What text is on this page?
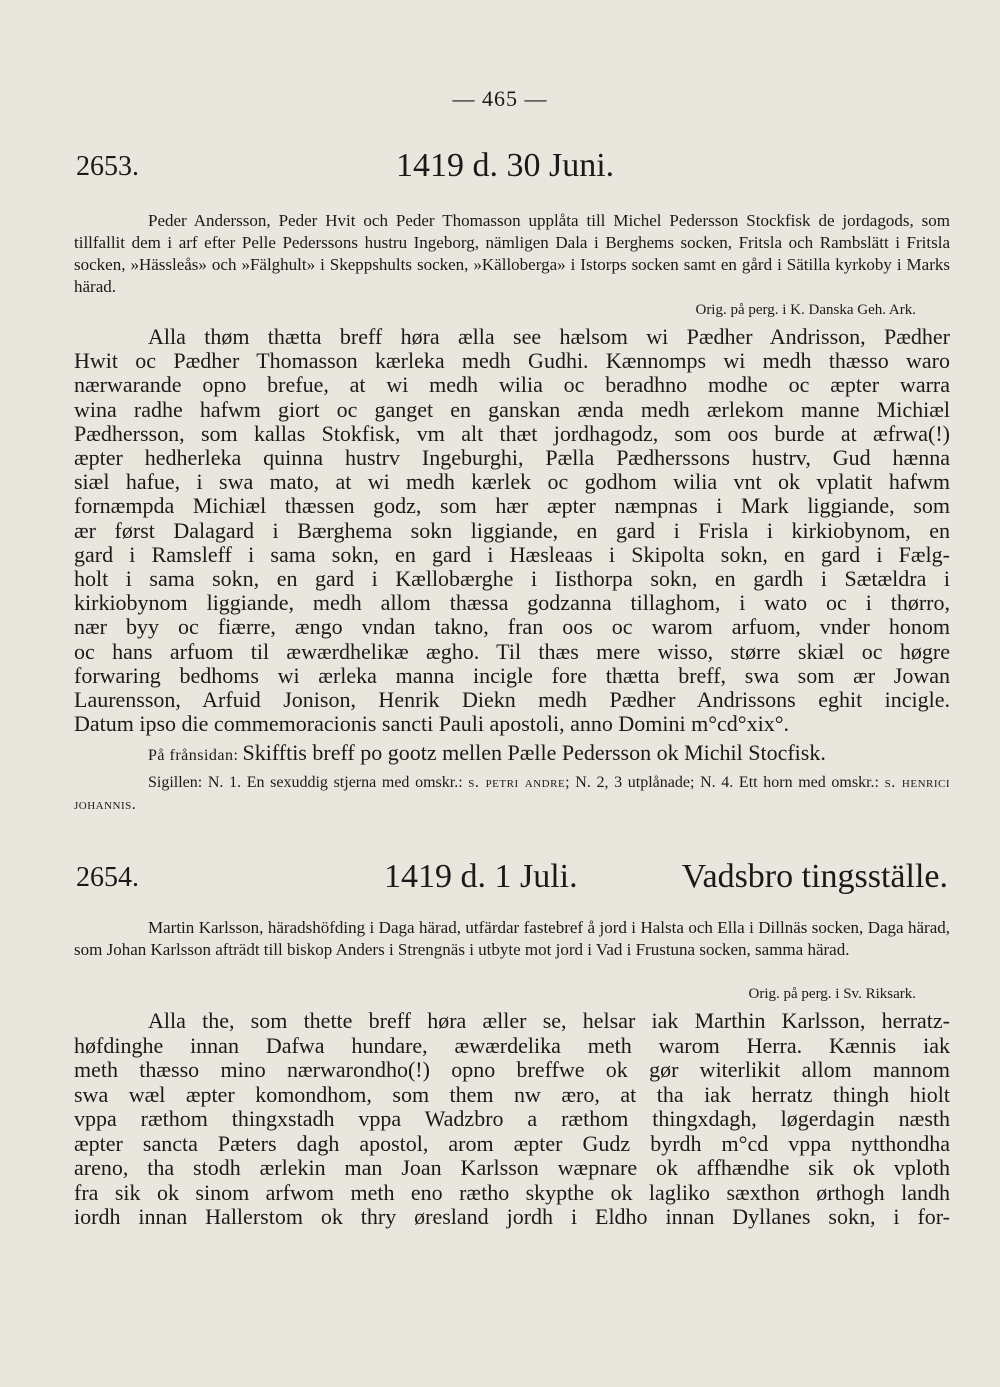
— 465 —
2653.	1419 d. 30 Juni.

Peder Andersson, Peder Hvit och Peder Thomasson upplåta till Michel Pedersson Stockfisk de jordagods, som tillfallit dem i arf efter Pelle Pederssons hustru Ingeborg, nämligen Dala i Berghems socken, Fritsla och Rambslätt i Fritsla socken, »Hässleås» och »Fälghult» i Skeppshults socken, »Källoberga» i Istorps socken samt en gård i Sätilla kyrkoby i Marks härad.

Orig. på perg. i K. Danska Geh. Ark.
Alla thøm thætta breff høra ælla see hælsom wi Pædher Andrisson, Pædher
Hwit oc Pædher Thomasson kærleka medh Gudhi. Kænnomps wi medh thæsso waro
nærwarande opno brefue, at wi medh wilia oc beradhno modhe oc æpter warra
wina radhe hafwm giort oc ganget en ganskan ænda medh ærlekom manne Michiæl
Pædhersson, som kallas Stokfisk, vm alt thæt jordhagodz, som oos burde at æfrwa(!)
æpter hedherleka quinna hustrv Ingeburghi, Pælla Pædherssons hustrv, Gud hænna
siæl hafue, i swa mato, at wi medh kærlek oc godhom wilia vnt ok vplatit hafwm
fornæmpda Michiæl thæssen godz, som hær æpter næmpnas i Mark liggiande, som
ær først Dalagard i Bærghema sokn liggiande, en gard i Frisla i kirkiobynom, en
gard i Ramsleff i sama sokn, en gard i Hæsleaas i Skipolta sokn, en gard i Fælg-
holt i sama sokn, en gard i Kællobærghe i Iisthorpa sokn, en gardh i Sætældra i
kirkiobynom liggiande, medh allom thæssa godzanna tillaghom, i wato oc i thørro,
nær byy oc fiærre, ængo vndan takno, fran oos oc warom arfuom, vnder honom
oc hans arfuom til æwærdhelikæ ægho. Til thæs mere wisso, større skiæl oc høgre
forwaring bedhoms wi ærleka manna incigle fore thætta breff, swa som ær Jowan
Laurensson, Arfuid Jonison, Henrik Diekn medh Pædher Andrissons eghit incigle.
Datum ipso die commemoracionis sancti Pauli apostoli, anno Domini m°cd°xix°.
På frånsidan: Skifftis breff po gootz mellen Pælle Pedersson ok Michil Stocfisk.

Sigillen: N. 1. En sexuddig stjerna med omskr.: s. petri andre; N. 2, 3 utplånade; N. 4. Ett horn med omskr.: s. henrici johannis.

2654.	1419 d. 1 Juli.	Vadsbro tingsställe.

Martin Karlsson, häradshöfding i Daga härad, utfärdar fastebref å jord i Halsta och Ella i Dillnäs socken, Daga härad, som Johan Karlsson afträdt till biskop Anders i Strengnäs i utbyte mot jord i Vad i Frustuna socken, samma härad.

Orig. på perg. i Sv. Riksark.
Alla the, som thette breff høra æller se, helsar iak Marthin Karlsson, herratz-
høfdinghe innan Dafwa hundare, æwærdelika meth warom Herra. Kænnis iak
meth thæsso mino nærwarondho(!) opno breffwe ok gør witerlikit allom mannom
swa wæl æpter komondhom, som them nw æro, at tha iak herratz thingh hiolt
vppa ræthom thingxstadh vppa Wadzbro a ræthom thingxdagh, løgerdagin næsth
æpter sancta Pæters dagh apostol, arom æpter Gudz byrdh m°cd vppa nytthondha
areno, tha stodh ærlekin man Joan Karlsson wæpnare ok affhændhe sik ok vploth
fra sik ok sinom arfwom meth eno rætho skypthe ok lagliko sæxthon ørthogh landh
iordh innan Hallerstom ok thry øresland jordh i Eldho innan Dyllanes sokn, i for-
